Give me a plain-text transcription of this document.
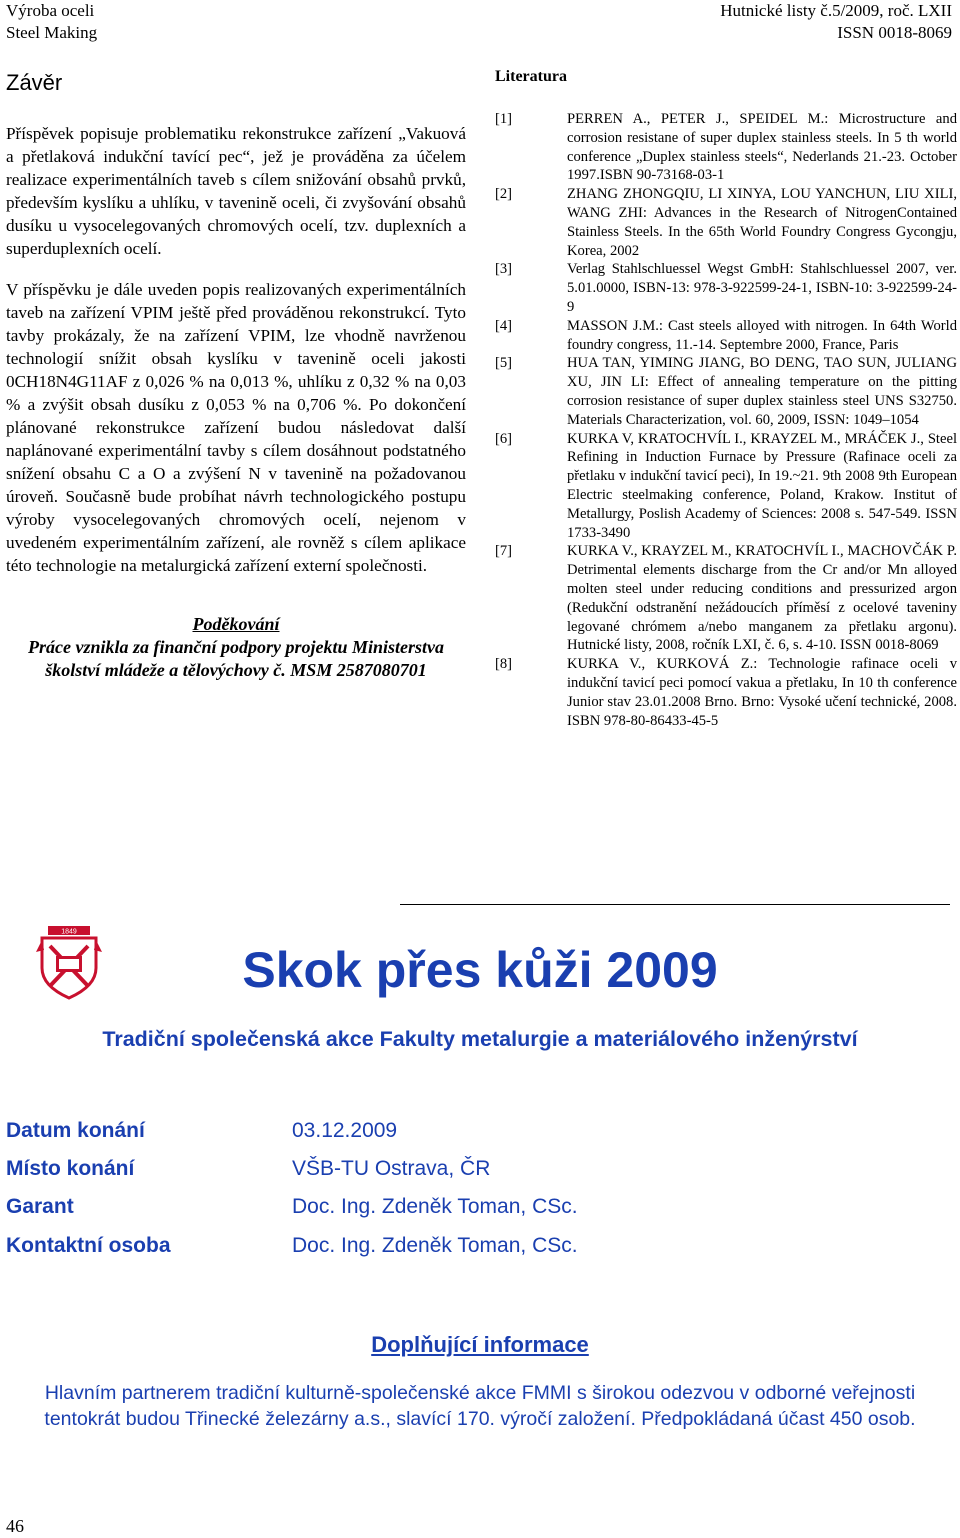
Výroba oceli
Steel Making
Hutnické listy č.5/2009, roč. LXII
ISSN 0018-8069
Závěr

Příspěvek popisuje problematiku rekonstrukce zařízení „Vakuová a přetlaková indukční tavící pec“, jež je prováděna za účelem realizace experimentálních taveb s cílem snižování obsahů prvků, především kyslíku a uhlíku, v tavenině oceli, či zvyšování obsahů dusíku u vysocelegovaných chromových ocelí, tzv. duplexních a superduplexních ocelí.

V příspěvku je dále uveden popis realizovaných experimentálních taveb na zařízení VPIM ještě před prováděnou rekonstrukcí. Tyto tavby prokázaly, že na zařízení VPIM, lze vhodně navrženou technologií snížit obsah kyslíku v tavenině oceli jakosti 0CH18N4G11AF z 0,026 % na 0,013 %, uhlíku z 0,32 % na 0,03 % a zvýšit obsah dusíku z 0,053 % na 0,706 %. Po dokončení plánované rekonstrukce zařízení budou následovat další naplánované experimentální tavby s cílem dosáhnout podstatného snížení obsahu C a O a zvýšení N v tavenině na požadovanou úroveň. Současně bude probíhat návrh technologického postupu výroby vysocelegovaných chromových ocelí, nejenom v uvedeném experimentálním zařízení, ale rovněž s cílem aplikace této technologie na metalurgická zařízení externí společnosti.

Poděkování
Práce vznikla za finanční podpory projektu Ministerstva školství mládeže a tělovýchovy č. MSM 2587080701
Literatura
[1]	PERREN A., PETER J., SPEIDEL M.: Microstructure and corrosion resistane of super duplex stainless steels. In 5 th world conference „Duplex stainless steels“, Nederlands 21.-23. October 1997.ISBN 90-73168-03-1
[2]	ZHANG ZHONGQIU, LI XINYA, LOU YANCHUN, LIU XILI, WANG ZHI: Advances in the Research of NitrogenContained Stainless Steels. In the 65th World Foundry Congress Gycongju, Korea, 2002
[3]	Verlag Stahlschluessel Wegst GmbH: Stahlschluessel 2007, ver. 5.01.0000, ISBN-13: 978-3-922599-24-1, ISBN-10: 3-922599-24-9
[4]	MASSON J.M.: Cast steels alloyed with nitrogen. In 64th World foundry congress, 11.-14. Septembre 2000, France, Paris
[5]	HUA TAN, YIMING JIANG, BO DENG, TAO SUN, JULIANG XU, JIN LI: Effect of annealing temperature on the pitting corrosion resistance of super duplex stainless steel UNS S32750. Materials Characterization, vol. 60, 2009, ISSN: 1049–1054
[6]	KURKA V, KRATOCHVÍL I., KRAYZEL M., MRÁČEK J., Steel Refining in Induction Furnace by Pressure (Rafinace oceli za přetlaku v indukční tavicí peci), In 19.~21. 9th 2008 9th European Electric steelmaking conference, Poland, Krakow. Institut of Metallurgy, Poslish Academy of Sciences: 2008 s. 547-549. ISSN 1733-3490
[7]	KURKA V., KRAYZEL M., KRATOCHVÍL I., MACHOVČÁK P. Detrimental elements discharge from the Cr and/or Mn alloyed molten steel under reducing conditions and pressurized argon (Redukční odstranění nežádoucích příměsí z ocelové taveniny legované chrómem a/nebo manganem za přetlaku argonu). Hutnické listy, 2008, ročník LXI, č. 6, s. 4-10. ISSN 0018-8069
[8]	KURKA V., KURKOVÁ Z.: Technologie rafinace oceli v indukční tavicí peci pomocí vakua a přetlaku, In 10 th conference Junior stav 23.01.2008 Brno. Brno: Vysoké učení technické, 2008. ISBN 978-80-86433-45-5
1849
Skok přes kůži 2009
Tradiční společenská akce Fakulty metalurgie a materiálového inženýrství
Datum konání	03.12.2009
Místo konání	VŠB-TU Ostrava, ČR
Garant	Doc. Ing. Zdeněk Toman, CSc.
Kontaktní osoba	Doc. Ing. Zdeněk Toman, CSc.
Doplňující informace
Hlavním partnerem tradiční kulturně-společenské akce FMMI s širokou odezvou v odborné veřejnosti tentokrát budou Třinecké železárny a.s., slavící 170. výročí založení. Předpokládaná účast 450 osob.
46
